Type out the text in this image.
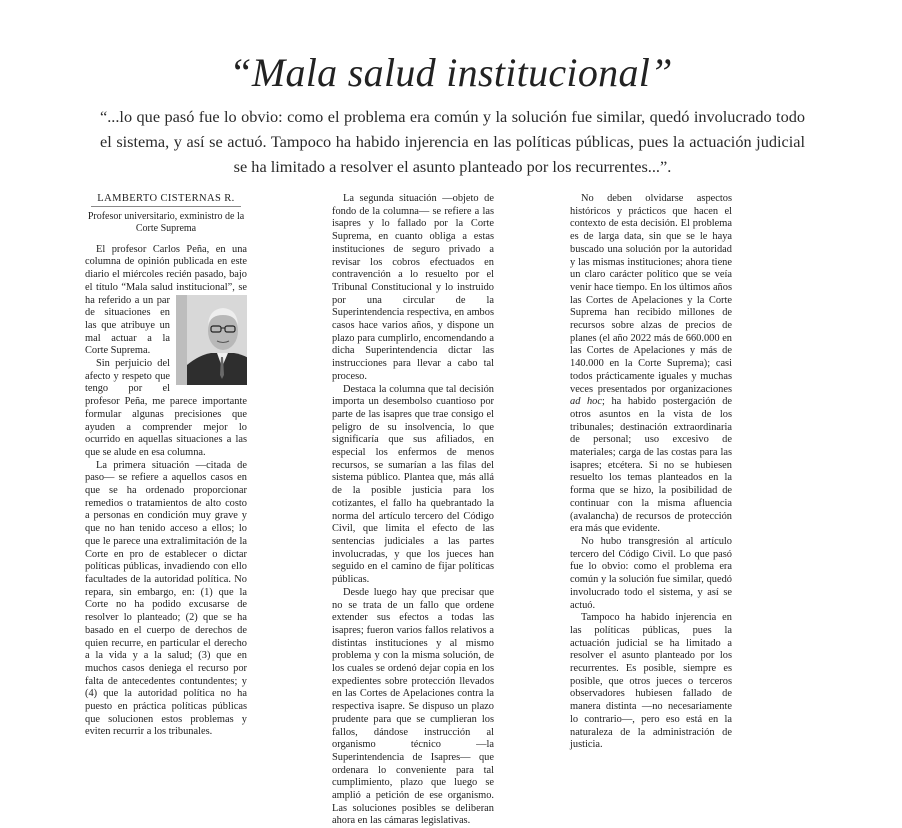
“Mala salud institucional”
“...lo que pasó fue lo obvio: como el problema era común y la solución fue similar, quedó involucrado todo el sistema, y así se actuó. Tampoco ha habido injerencia en las políticas públicas, pues la actuación judicial se ha limitado a resolver el asunto planteado por los recurrentes...”.
LAMBERTO CISTERNAS R.
Profesor universitario, exministro de la Corte Suprema

El profesor Carlos Peña, en una columna de opinión publicada en este diario el miércoles recién pasado, bajo el título “Mala salud institucional”, se ha referido a un
par de situaciones en las que atribuye un mal actuar a la Corte Suprema.

Sin perjuicio del afecto y respeto que tengo por el profesor Peña, me parece importante formular algunas precisiones que ayuden a comprender mejor lo ocurrido en aquellas situaciones a las que se alude en esa columna.

La primera situación —citada de paso— se refiere a aquellos casos en que se ha ordenado proporcionar remedios o tratamientos de alto costo a personas en condición muy grave y que no han tenido acceso a ellos; lo que le parece una extralimitación de la Corte en pro de establecer o dictar políticas públicas, invadiendo con ello facultades de la autoridad política. No repara, sin embargo, en: (1) que la Corte no ha podido excusarse de resolver lo planteado; (2) que se ha basado en el cuerpo de derechos de quien recurre, en particular el derecho a la vida y a la salud; (3) que en muchos casos deniega el recurso por falta de antecedentes contundentes; y (4) que la autoridad política no ha puesto en práctica políticas públicas que solucionen estos problemas y eviten recurrir a los tribunales.

La segunda situación —objeto de fondo de la columna— se refiere a las isapres y lo fallado por la Corte Suprema, en cuanto obliga a estas instituciones de seguro privado a revisar los cobros efectuados en contravención a lo resuelto por el Tribunal Constitucional y lo instruido por una circular de la Superintendencia respectiva, en ambos casos hace varios años, y dispone un plazo para cumplirlo, encomendando a dicha Superintendencia dictar las instrucciones para llevar a cabo tal proceso.

Destaca la columna que tal decisión importa un desembolso cuantioso por parte de las isapres que trae consigo el peligro de su insolvencia, lo que significaría que sus afiliados, en especial los enfermos de menos recursos, se sumarían a las filas del sistema público. Plantea que, más allá de la posible justicia para los cotizantes, el fallo ha quebrantado la norma del artículo tercero del Código Civil, que limita el efecto de las sentencias judiciales a las partes involucradas, y que los jueces han seguido en el camino de fijar políticas públicas.

Desde luego hay que precisar que no se trata de un fallo que ordene extender sus efectos a todas las isapres; fueron varios fallos relativos a distintas instituciones y al mismo problema y con la misma solución, de los cuales se ordenó dejar copia en los expedientes sobre protección llevados en las Cortes de Apelaciones contra la respectiva isapre. Se dispuso un plazo prudente para que se cumplieran los fallos, dándose instrucción al organismo técnico —la Superintendencia de Isapres— que ordenara lo conveniente para tal cumplimiento, plazo que luego se amplió a petición de ese organismo. Las soluciones posibles se deliberan ahora en las cámaras legislativas.

No deben olvidarse aspectos históricos y prácticos que hacen el contexto de esta decisión. El problema es de larga data, sin que se le haya buscado una solución por la autoridad y las mismas instituciones; ahora tiene un claro carácter político que se veía venir hace tiempo. En los últimos años las Cortes de Apelaciones y la Corte Suprema han recibido millones de recursos sobre alzas de precios de planes (el año 2022 más de 660.000 en las Cortes de Apelaciones y más de 140.000 en la Corte Suprema); casi todos prácticamente iguales y muchas veces presentados por organizaciones ad hoc; ha habido postergación de otros asuntos en la vista de los tribunales; destinación extraordinaria de personal; uso excesivo de materiales; carga de las costas para las isapres; etcétera. Si no se hubiesen resuelto los temas planteados en la forma que se hizo, la posibilidad de continuar con la misma afluencia (avalancha) de recursos de protección era más que evidente.

No hubo transgresión al artículo tercero del Código Civil. Lo que pasó fue lo obvio: como el problema era común y la solución fue similar, quedó involucrado todo el sistema, y así se actuó.

Tampoco ha habido injerencia en las políticas públicas, pues la actuación judicial se ha limitado a resolver el asunto planteado por los recurrentes. Es posible, siempre es posible, que otros jueces o terceros observadores hubiesen fallado de manera distinta —no necesariamente lo contrario—, pero eso está en la naturaleza de la administración de justicia.
